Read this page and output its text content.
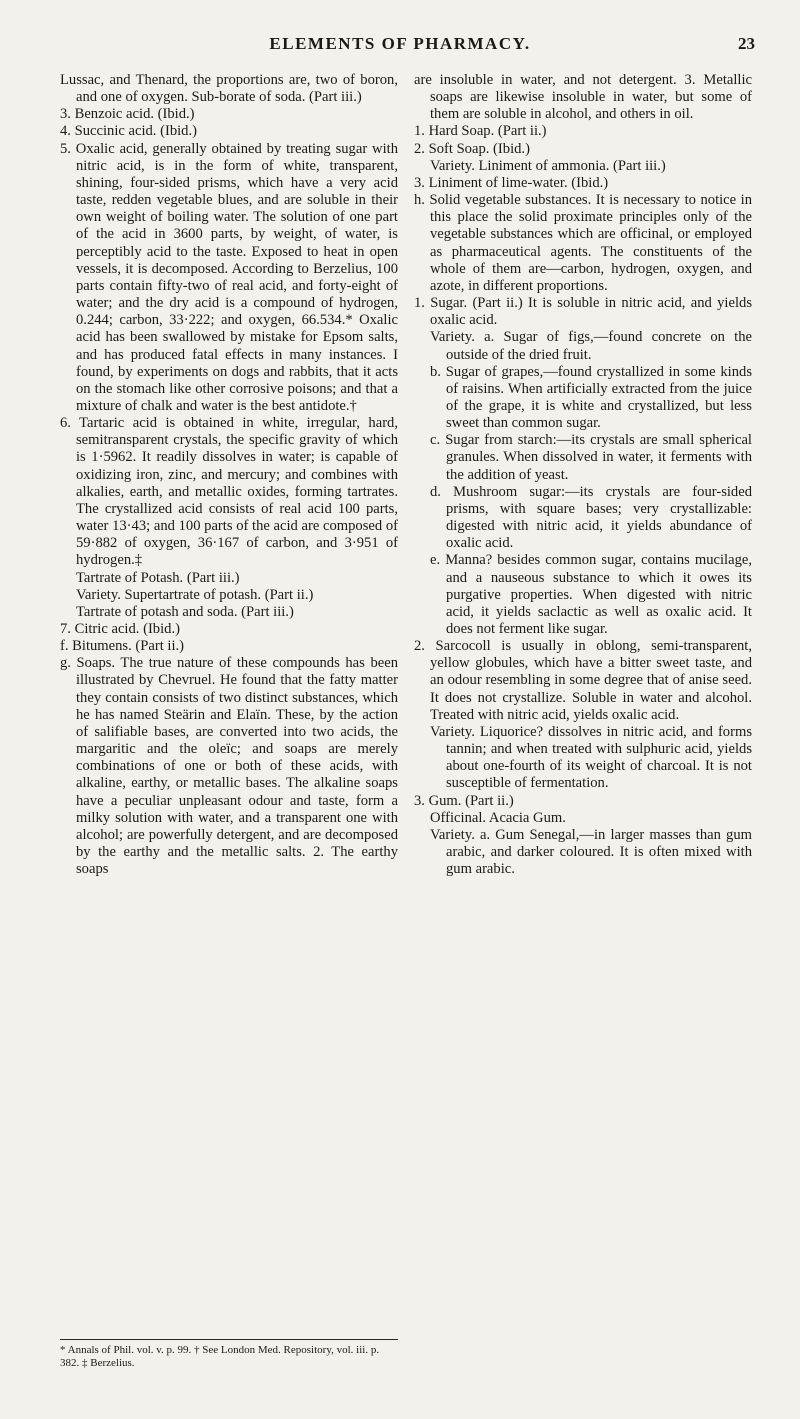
ELEMENTS OF PHARMACY.	23

Lussac, and Thenard, the proportions are, two of boron, and one of oxygen. Sub-borate of soda. (Part iii.)

3. Benzoic acid. (Ibid.)

4. Succinic acid. (Ibid.)

5. Oxalic acid, generally obtained by treating sugar with nitric acid, is in the form of white, transparent, shining, four-sided prisms, which have a very acid taste, redden vegetable blues, and are soluble in their own weight of boiling water. The solution of one part of the acid in 3600 parts, by weight, of water, is perceptibly acid to the taste. Exposed to heat in open vessels, it is decomposed. According to Berzelius, 100 parts contain fifty-two of real acid, and forty-eight of water; and the dry acid is a compound of hydrogen, 0.244; carbon, 33·222; and oxygen, 66.534.* Oxalic acid has been swallowed by mistake for Epsom salts, and has produced fatal effects in many instances. I found, by experiments on dogs and rabbits, that it acts on the stomach like other corrosive poisons; and that a mixture of chalk and water is the best antidote.†

6. Tartaric acid is obtained in white, irregular, hard, semitransparent crystals, the specific gravity of which is 1·5962. It readily dissolves in water; is capable of oxidizing iron, zinc, and mercury; and combines with alkalies, earth, and metallic oxides, forming tartrates. The crystallized acid consists of real acid 100 parts, water 13·43; and 100 parts of the acid are composed of 59·882 of oxygen, 36·167 of carbon, and 3·951 of hydrogen.‡

Tartrate of Potash. (Part iii.)

Variety. Supertartrate of potash. (Part ii.)

Tartrate of potash and soda. (Part iii.)

7. Citric acid. (Ibid.)

f. Bitumens. (Part ii.)

g. Soaps. The true nature of these compounds has been illustrated by Chevruel. He found that the fatty matter they contain consists of two distinct substances, which he has named Steärin and Elaïn. These, by the action of salifiable bases, are converted into two acids, the margaritic and the oleïc; and soaps are merely combinations of one or both of these acids, with alkaline, earthy, or metallic bases. The alkaline soaps have a peculiar unpleasant odour and taste, form a milky solution with water, and a transparent one with alcohol; are powerfully detergent, and are decomposed by the earthy and the metallic salts. 2. The earthy soaps

are insoluble in water, and not detergent. 3. Metallic soaps are likewise insoluble in water, but some of them are soluble in alcohol, and others in oil.

1. Hard Soap. (Part ii.)

2. Soft Soap. (Ibid.)

Variety. Liniment of ammonia. (Part iii.)

3. Liniment of lime-water. (Ibid.)

h. Solid vegetable substances. It is necessary to notice in this place the solid proximate principles only of the vegetable substances which are officinal, or employed as pharmaceutical agents. The constituents of the whole of them are—carbon, hydrogen, oxygen, and azote, in different proportions.

1. Sugar. (Part ii.) It is soluble in nitric acid, and yields oxalic acid.

Variety. a. Sugar of figs,—found concrete on the outside of the dried fruit.

b. Sugar of grapes,—found crystallized in some kinds of raisins. When artificially extracted from the juice of the grape, it is white and crystallized, but less sweet than common sugar.

c. Sugar from starch:—its crystals are small spherical granules. When dissolved in water, it ferments with the addition of yeast.

d. Mushroom sugar:—its crystals are four-sided prisms, with square bases; very crystallizable: digested with nitric acid, it yields abundance of oxalic acid.

e. Manna? besides common sugar, contains mucilage, and a nauseous substance to which it owes its purgative properties. When digested with nitric acid, it yields saclactic as well as oxalic acid. It does not ferment like sugar.

2. Sarcocoll is usually in oblong, semi-transparent, yellow globules, which have a bitter sweet taste, and an odour resembling in some degree that of anise seed. It does not crystallize. Soluble in water and alcohol. Treated with nitric acid, yields oxalic acid.

Variety. Liquorice? dissolves in nitric acid, and forms tannin; and when treated with sulphuric acid, yields about one-fourth of its weight of charcoal. It is not susceptible of fermentation.

3. Gum. (Part ii.)

Officinal. Acacia Gum.

Variety. a. Gum Senegal,—in larger masses than gum arabic, and darker coloured. It is often mixed with gum arabic.

* Annals of Phil. vol. v. p. 99. † See London Med. Repository, vol. iii. p. 382. ‡ Berzelius.
